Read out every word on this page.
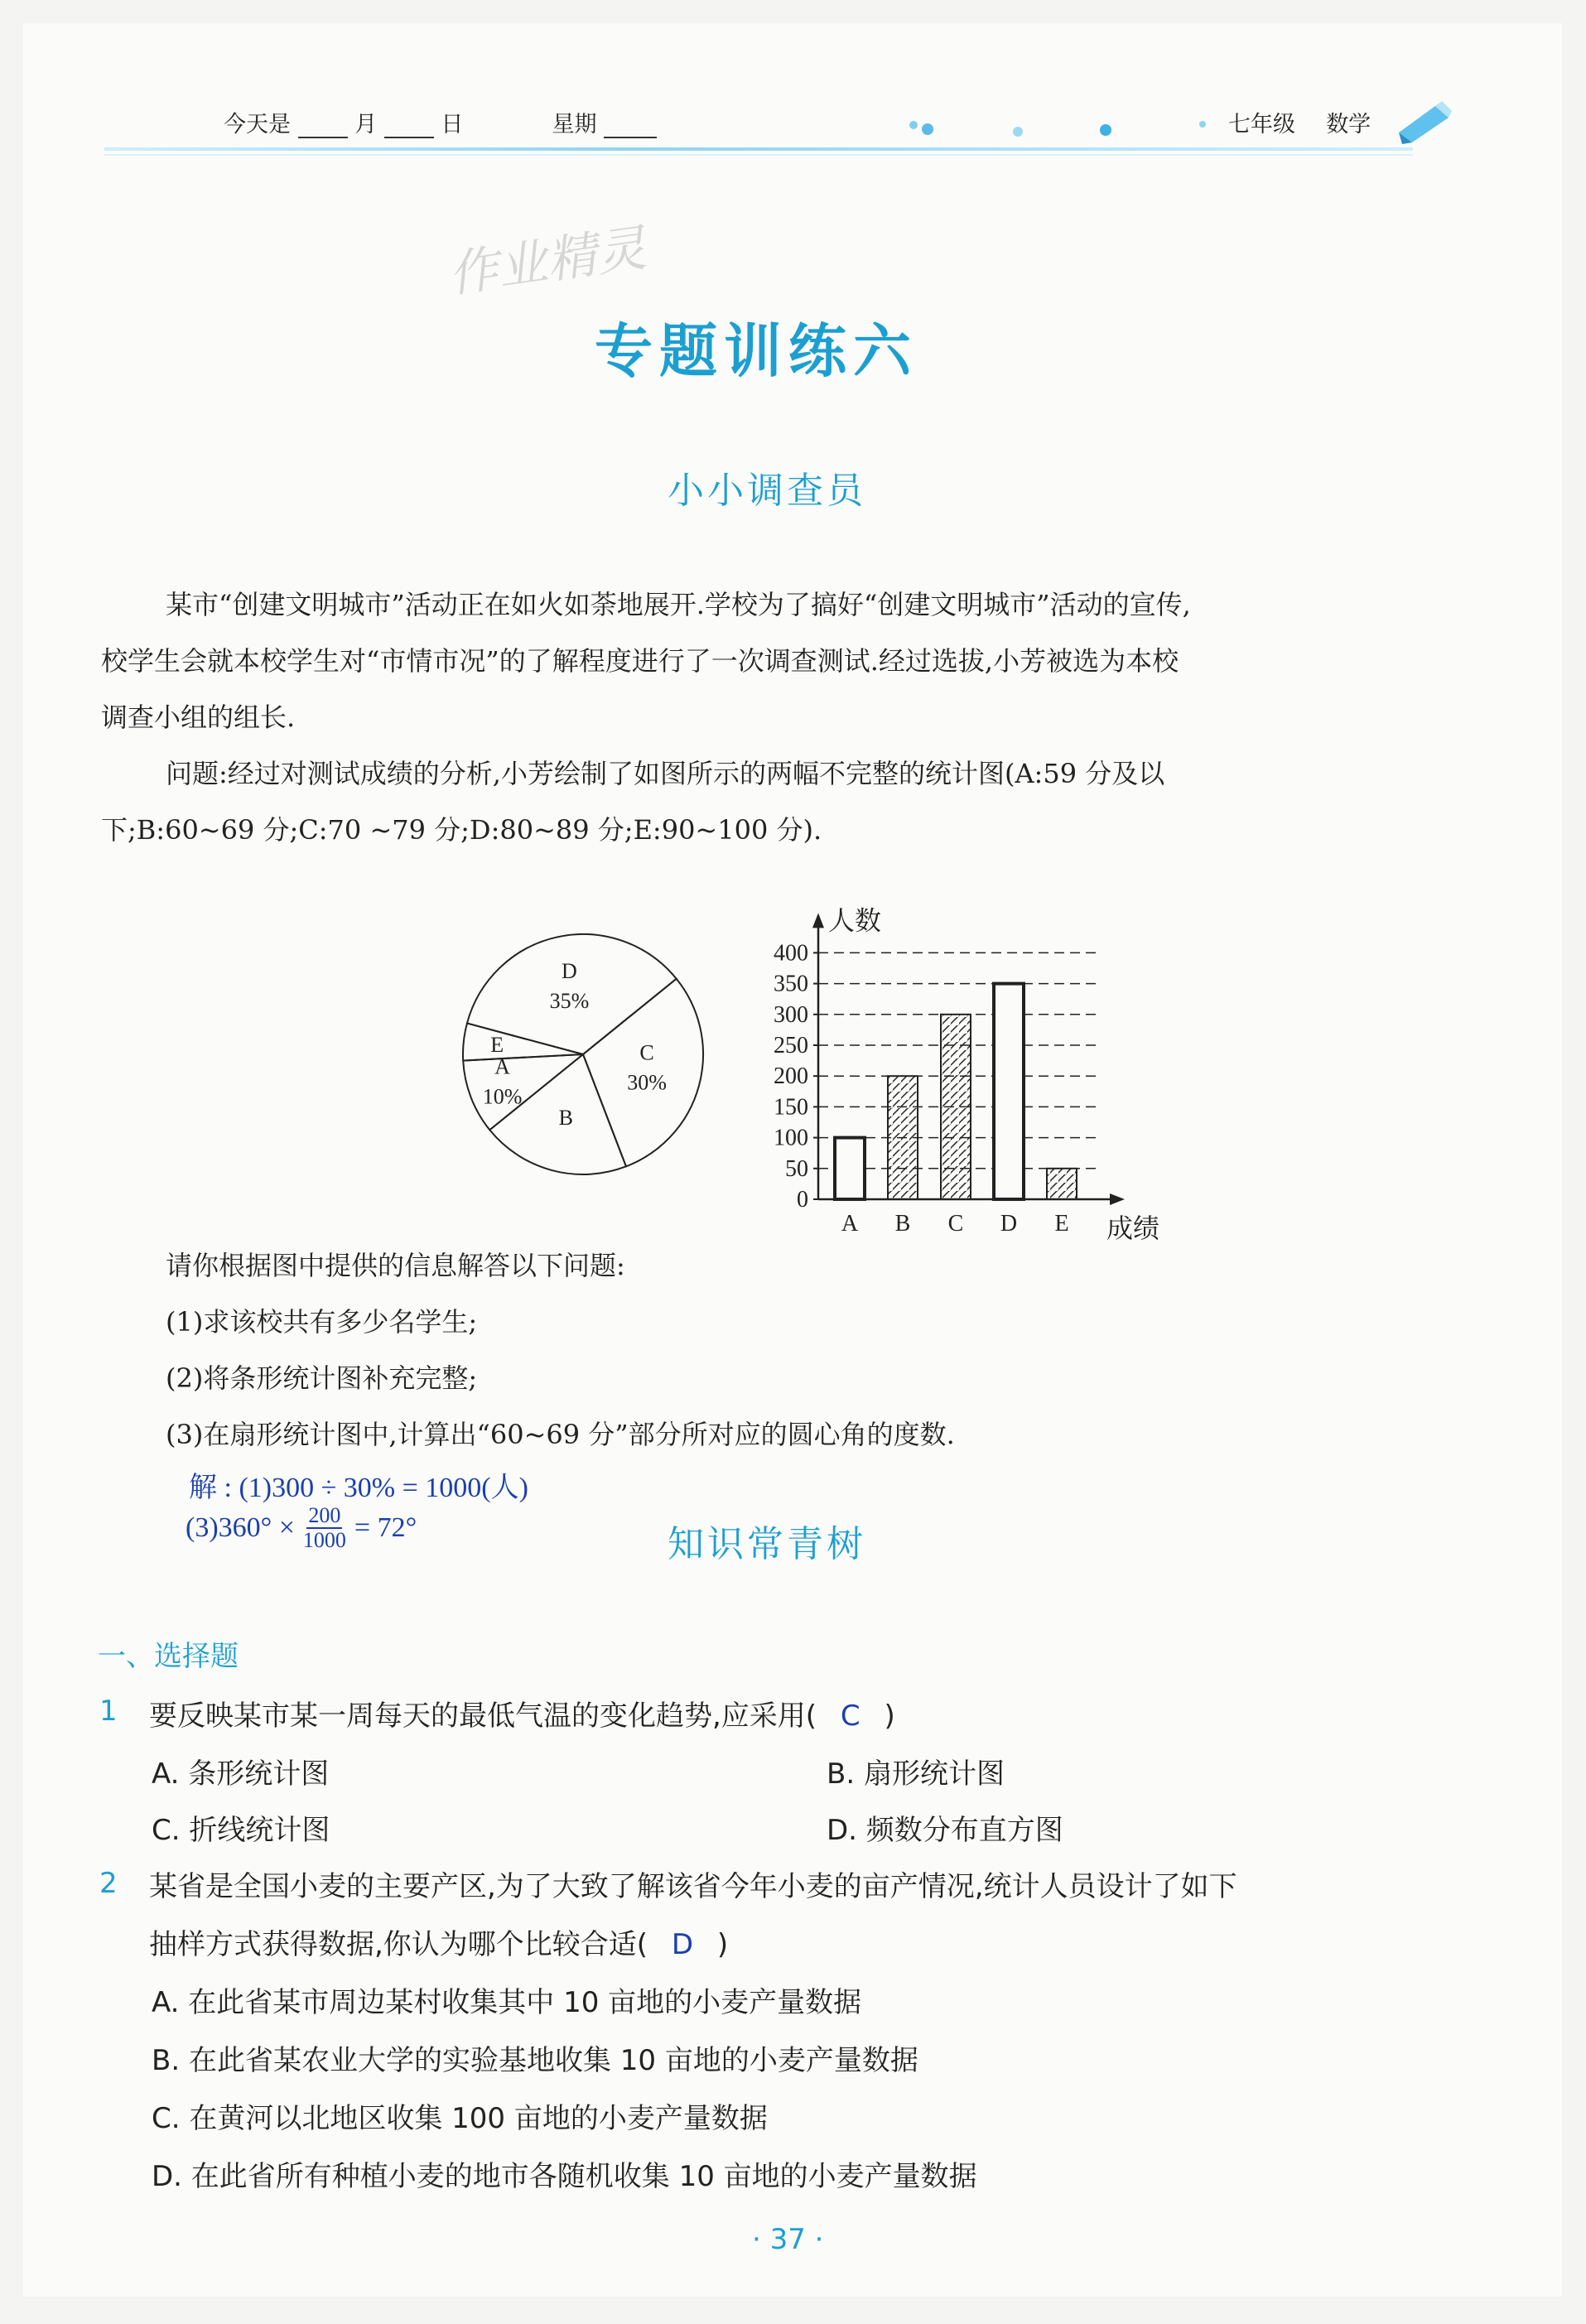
今天是	月	日	星期	七年级 数学
作业精灵
专题训练六
小小调查员
某市“创建文明城市”活动正在如火如荼地展开.学校为了搞好“创建文明城市”活动的宣传,
校学生会就本校学生对“市情市况”的了解程度进行了一次调查测试.经过选拔,小芳被选为本校
调查小组的组长.
问题:经过对测试成绩的分析,小芳绘制了如图所示的两幅不完整的统计图(A:59 分及以
下;B:60~69 分;C:70 ~79 分;D:80~89 分;E:90~100 分).
D
35%
C
30%
B
A
10%
E
0
50
100
150
200
250
300
350
400
人数
成绩
A B C D E
请你根据图中提供的信息解答以下问题:
(1)求该校共有多少名学生;
(2)将条形统计图补充完整;
(3)在扇形统计图中,计算出“60~69 分”部分所对应的圆心角的度数.
解 : (1)300 ÷ 30% = 1000(人)
$(3)360^\circ \times \frac{200}{1000} = 72^\circ$	知识常青树
一、选择题
1 要反映某市某一周每天的最低气温的变化趋势,应采用( C )
A. 条形统计图	B. 扇形统计图
C. 折线统计图	D. 频数分布直方图
2 某省是全国小麦的主要产区,为了大致了解该省今年小麦的亩产情况,统计人员设计了如下
抽样方式获得数据,你认为哪个比较合适( D )
A. 在此省某市周边某村收集其中 10 亩地的小麦产量数据
B. 在此省某农业大学的实验基地收集 10 亩地的小麦产量数据
C. 在黄河以北地区收集 100 亩地的小麦产量数据
D. 在此省所有种植小麦的地市各随机收集 10 亩地的小麦产量数据
· 37 ·
